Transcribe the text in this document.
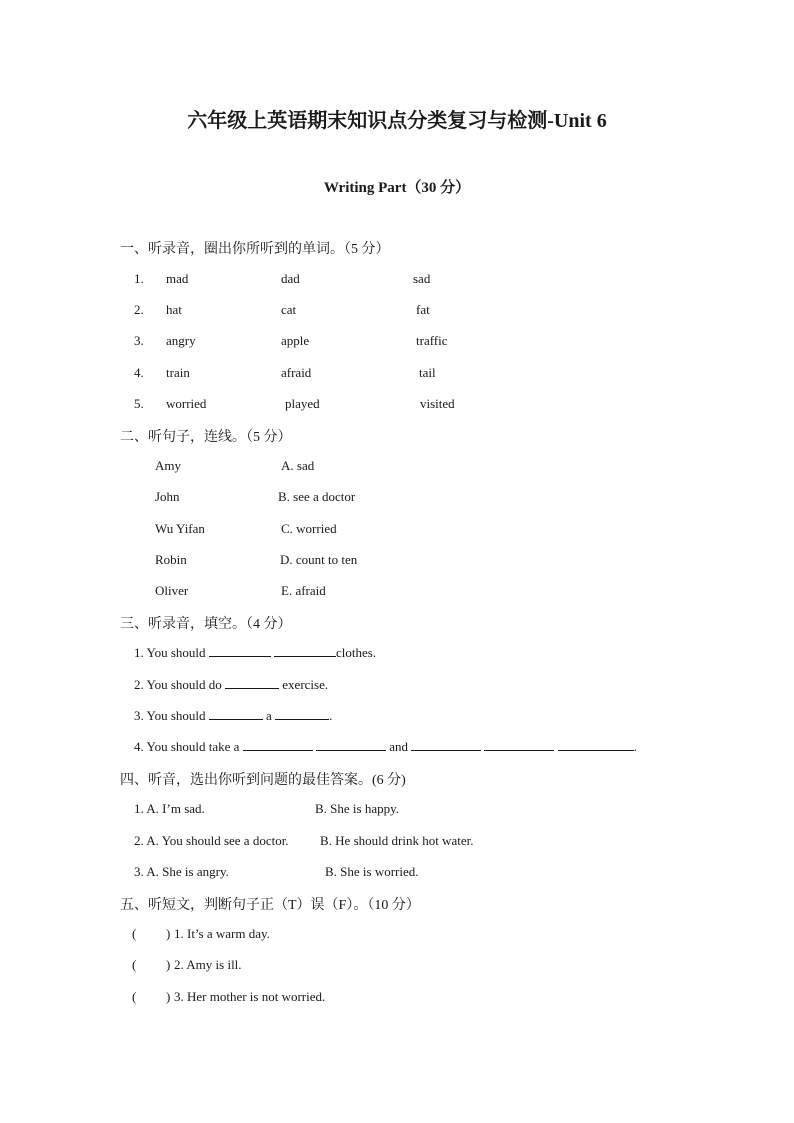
六年级上英语期末知识点分类复习与检测-Unit 6
Writing Part（30 分）
一、听录音，圈出你所听到的单词。（5 分）
1. mad	dad	sad
2. hat	cat	fat
3. angry	apple	traffic
4. train	afraid	tail
5. worried	played	visited
二、听句子，连线。（5 分）
Amy	A. sad
John	B. see a doctor
Wu Yifan	C. worried
Robin	D. count to ten
Oliver	E. afraid
三、听录音，填空。（4 分）
1. You should	clothes.
2. You should do	exercise.
3. You should	a	.
4. You should take a	and	.
四、听音，选出你听到问题的最佳答案。(6 分)
1. A. I’m sad.	B. She is happy.
2. A. You should see a doctor. B. He should drink hot water.
3. A. She is angry.	B. She is worried.
五、听短文，判断句子正（T）误（F）。（10 分）
( ) 1. It’s a warm day.
( ) 2. Amy is ill.
( ) 3. Her mother is not worried.
